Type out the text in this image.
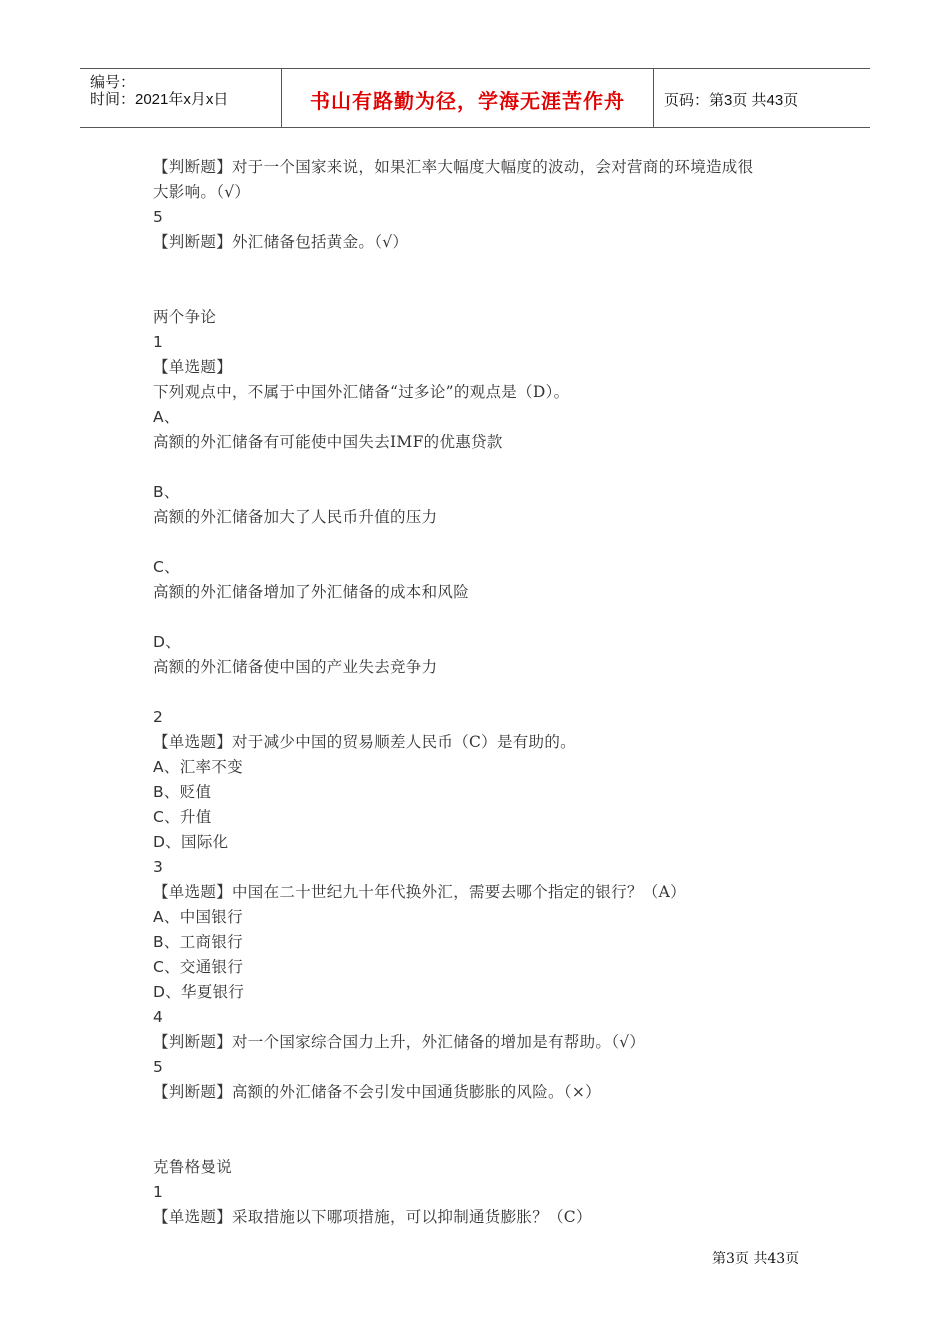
编号：
时间：2021年x月x日	书山有路勤为径，学海无涯苦作舟	页码：第3页 共43页
【判断题】对于一个国家来说，如果汇率大幅度大幅度的波动，会对营商的环境造成很
大影响。（√）
5
【判断题】外汇储备包括黄金。（√）
两个争论
1
【单选题】
下列观点中，不属于中国外汇储备“过多论”的观点是（D）。
A、
高额的外汇储备有可能使中国失去IMF的优惠贷款
B、
高额的外汇储备加大了人民币升值的压力
C、
高额的外汇储备增加了外汇储备的成本和风险
D、
高额的外汇储备使中国的产业失去竞争力
2
【单选题】对于减少中国的贸易顺差人民币（C）是有助的。
A、汇率不变
B、贬值
C、升值
D、国际化
3
【单选题】中国在二十世纪九十年代换外汇，需要去哪个指定的银行？（A）
A、中国银行
B、工商银行
C、交通银行
D、华夏银行
4
【判断题】对一个国家综合国力上升，外汇储备的增加是有帮助。（√）
5
【判断题】高额的外汇储备不会引发中国通货膨胀的风险。（×）
克鲁格曼说
1
【单选题】采取措施以下哪项措施，可以抑制通货膨胀？（C）
第3页 共43页
